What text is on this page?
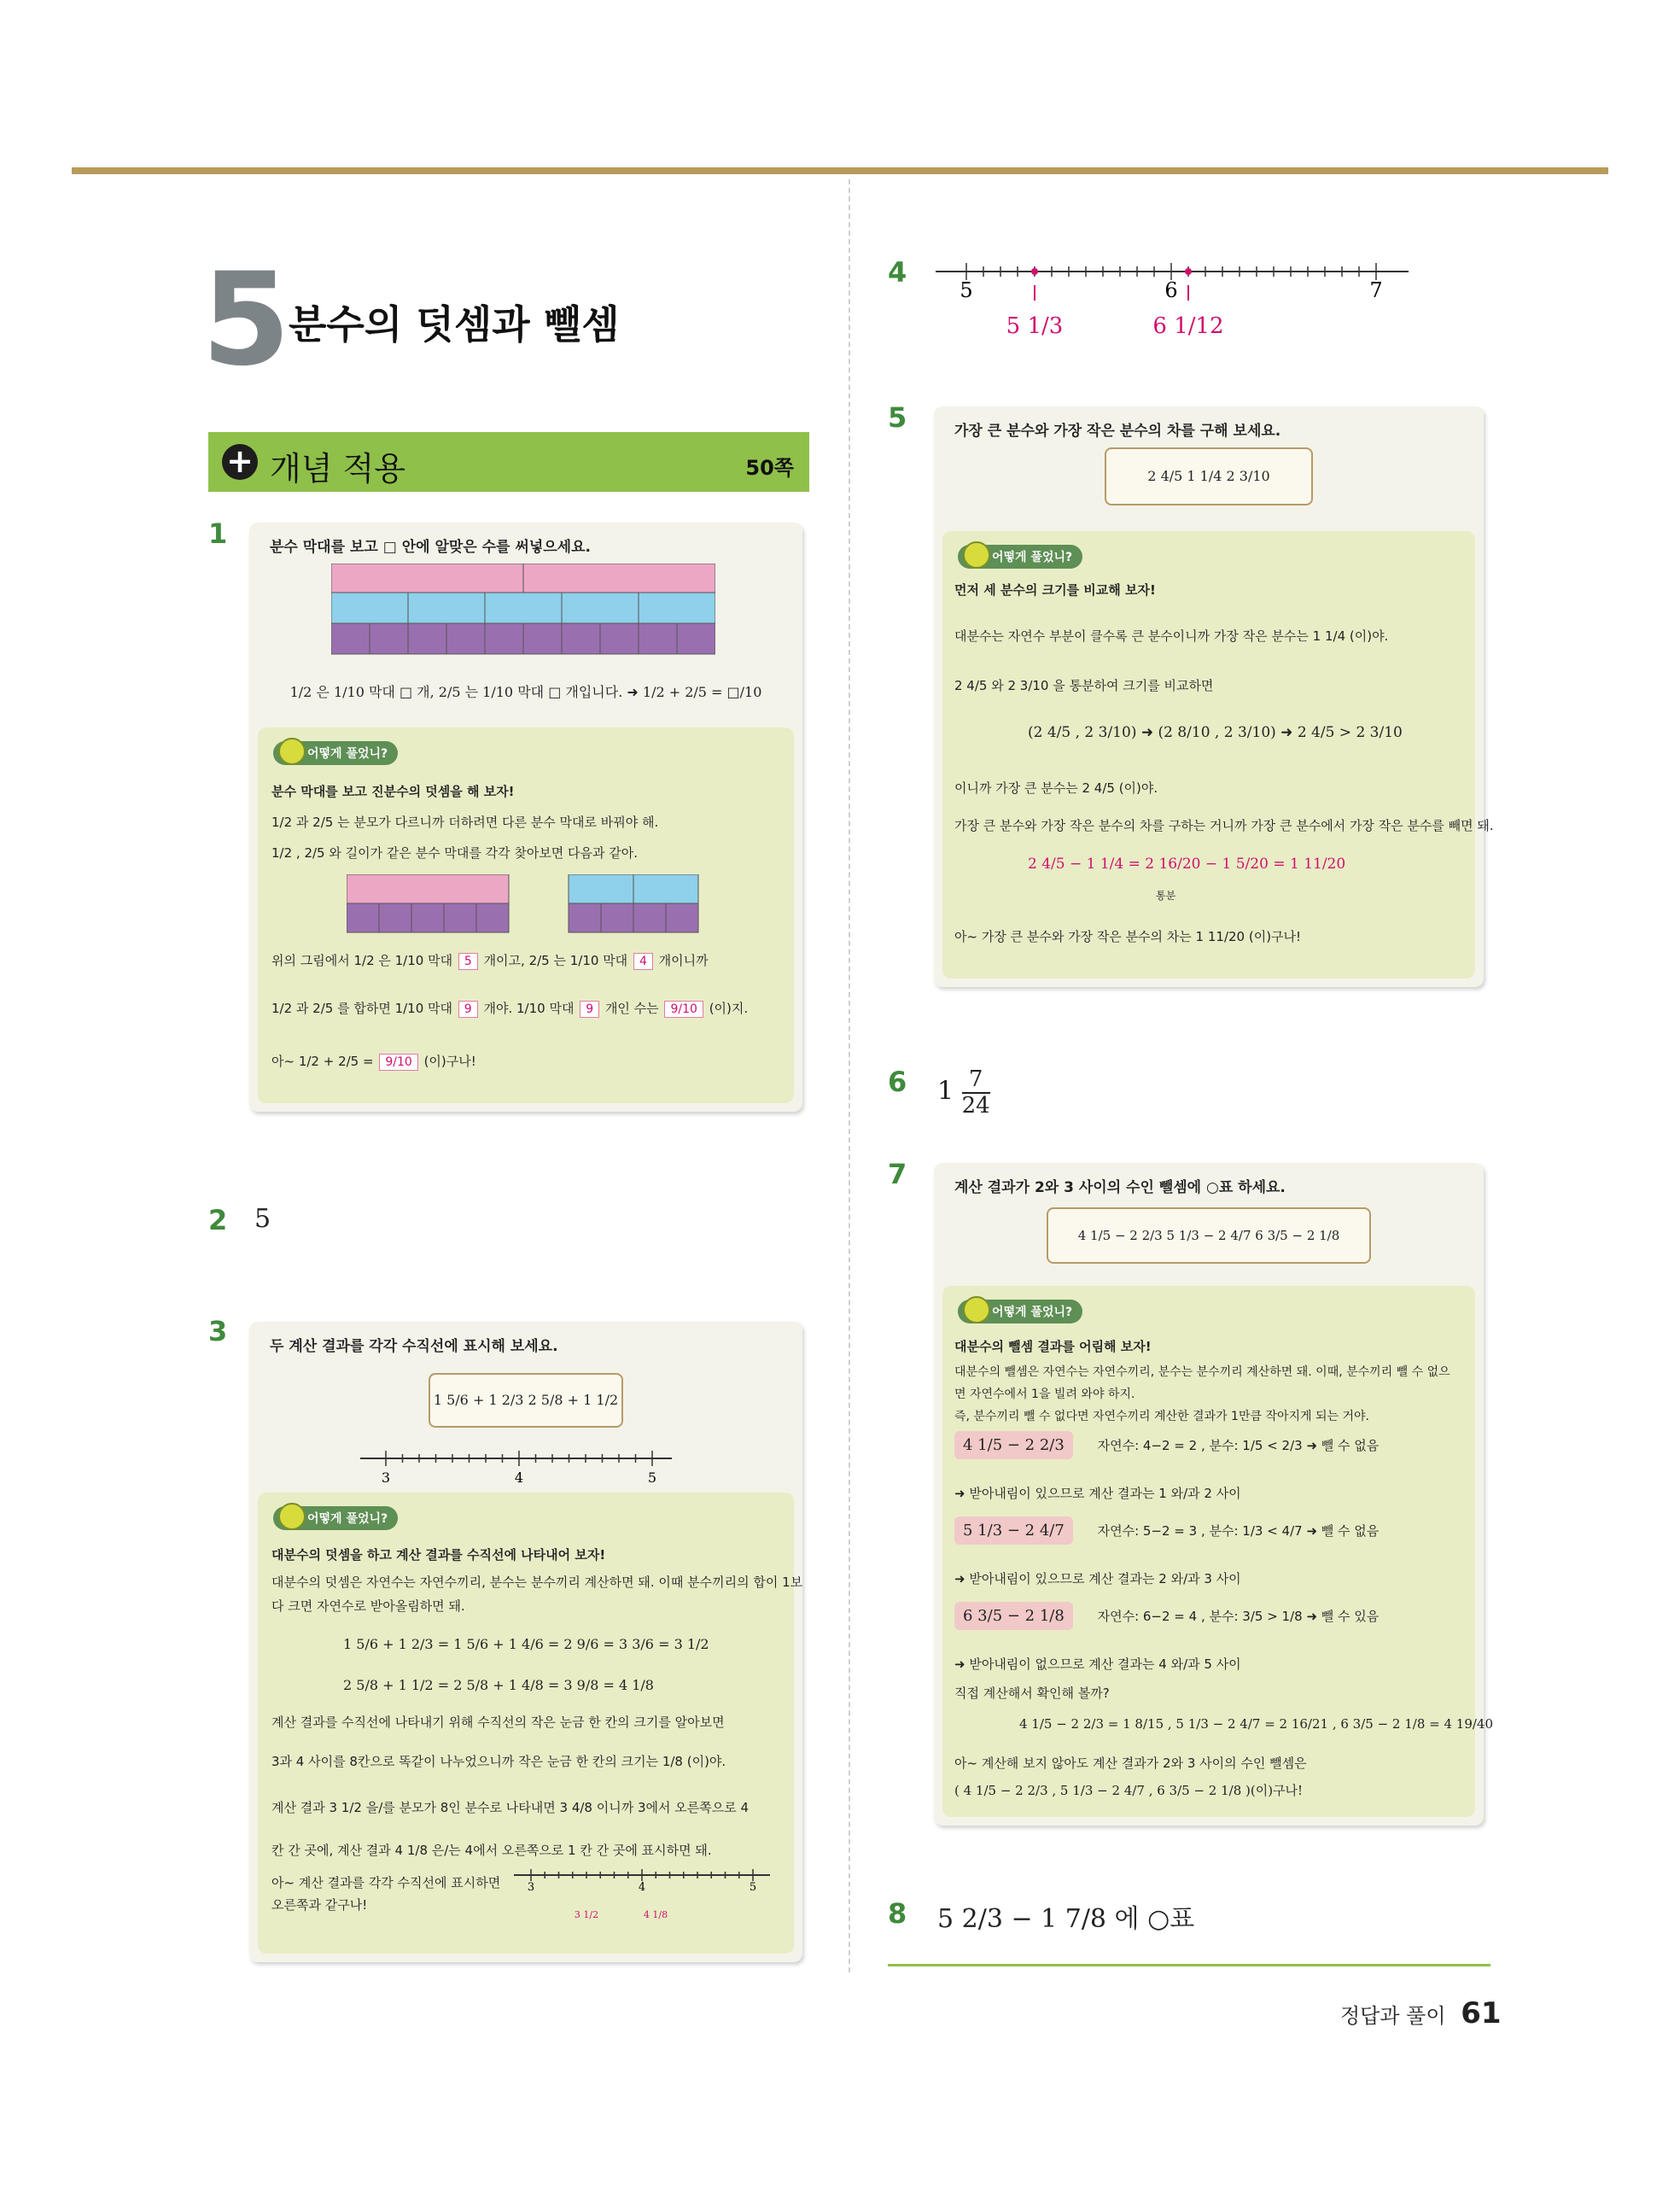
5
분수의 덧셈과 뺄셈
+ 개념 적용	50쪽
1	분수 막대를 보고 □ 안에 알맞은 수를 써넣으세요.
1/2 은 1/10 막대 □ 개, 2/5 는 1/10 막대 □ 개입니다. ➜ 1/2 + 2/5 = □/10
어떻게 풀었니?
분수 막대를 보고 진분수의 덧셈을 해 보자!
1/2 과 2/5 는 분모가 다르니까 더하려면 다른 분수 막대로 바꿔야 해.
1/2 , 2/5 와 길이가 같은 분수 막대를 각각 찾아보면 다음과 같아.
위의 그림에서 1/2 은 1/10 막대 5 개이고, 2/5 는 1/10 막대 4 개이니까
1/2 과 2/5 를 합하면 1/10 막대 9 개야. 1/10 막대 9 개인 수는 9/10 (이)지.
아~ 1/2 + 2/5 = 9/10 (이)구나!
2 5
3	두 계산 결과를 각각 수직선에 표시해 보세요.
1 5/6 + 1 2/3 2 5/8 + 1 1/2
3	4	5
어떻게 풀었니?
대분수의 덧셈을 하고 계산 결과를 수직선에 나타내어 보자!
대분수의 덧셈은 자연수는 자연수끼리, 분수는 분수끼리 계산하면 돼. 이때 분수끼리의 합이 1보
다 크면 자연수로 받아올림하면 돼.
1 5/6 + 1 2/3 = 1 5/6 + 1 4/6 = 2 9/6 = 3 3/6 = 3 1/2
2 5/8 + 1 1/2 = 2 5/8 + 1 4/8 = 3 9/8 = 4 1/8
계산 결과를 수직선에 나타내기 위해 수직선의 작은 눈금 한 칸의 크기를 알아보면
3과 4 사이를 8칸으로 똑같이 나누었으니까 작은 눈금 한 칸의 크기는 1/8 (이)야.
계산 결과 3 1/2 을/를 분모가 8인 분수로 나타내면 3 4/8 이니까 3에서 오른쪽으로 4
칸 간 곳에, 계산 결과 4 1/8 은/는 4에서 오른쪽으로 1 칸 간 곳에 표시하면 돼.
아~ 계산 결과를 각각 수직선에 표시하면
오른쪽과 같구나!
3	4	5
3 1/2	4 1/8
4
5	6	7
5 1/3	6 1/12
5	가장 큰 분수와 가장 작은 분수의 차를 구해 보세요.
2 4/5 1 1/4 2 3/10
어떻게 풀었니?
먼저 세 분수의 크기를 비교해 보자!
대분수는 자연수 부분이 클수록 큰 분수이니까 가장 작은 분수는 1 1/4 (이)야.
2 4/5 와 2 3/10 을 통분하여 크기를 비교하면
(2 4/5 , 2 3/10) ➜ (2 8/10 , 2 3/10) ➜ 2 4/5 > 2 3/10
이니까 가장 큰 분수는 2 4/5 (이)야.
가장 큰 분수와 가장 작은 분수의 차를 구하는 거니까 가장 큰 분수에서 가장 작은 분수를 빼면 돼.
2 4/5 − 1 1/4 = 2 16/20 − 1 5/20 = 1 11/20
통분
아~ 가장 큰 분수와 가장 작은 분수의 차는 1 11/20 (이)구나!
6 $1 \frac{7}{24}$
7	계산 결과가 2와 3 사이의 수인 뺄셈에 ○표 하세요.
4 1/5 − 2 2/3 5 1/3 − 2 4/7 6 3/5 − 2 1/8
어떻게 풀었니?
대분수의 뺄셈 결과를 어림해 보자!
대분수의 뺄셈은 자연수는 자연수끼리, 분수는 분수끼리 계산하면 돼. 이때, 분수끼리 뺄 수 없으
면 자연수에서 1을 빌려 와야 하지.
즉, 분수끼리 뺄 수 없다면 자연수끼리 계산한 결과가 1만큼 작아지게 되는 거야.
4 1/5 − 2 2/3	자연수: 4−2 = 2 , 분수: 1/5 < 2/3 ➜ 뺄 수 없음
➜ 받아내림이 있으므로 계산 결과는 1 와/과 2 사이
5 1/3 − 2 4/7	자연수: 5−2 = 3 , 분수: 1/3 < 4/7 ➜ 뺄 수 없음
➜ 받아내림이 있으므로 계산 결과는 2 와/과 3 사이
6 3/5 − 2 1/8	자연수: 6−2 = 4 , 분수: 3/5 > 1/8 ➜ 뺄 수 있음
➜ 받아내림이 없으므로 계산 결과는 4 와/과 5 사이
직접 계산해서 확인해 볼까?
4 1/5 − 2 2/3 = 1 8/15 , 5 1/3 − 2 4/7 = 2 16/21 , 6 3/5 − 2 1/8 = 4 19/40
아~ 계산해 보지 않아도 계산 결과가 2와 3 사이의 수인 뺄셈은
( 4 1/5 − 2 2/3 , 5 1/3 − 2 4/7 , 6 3/5 − 2 1/8 )(이)구나!
8 5 2/3 − 1 7/8 에 ○표
정답과 풀이 61
